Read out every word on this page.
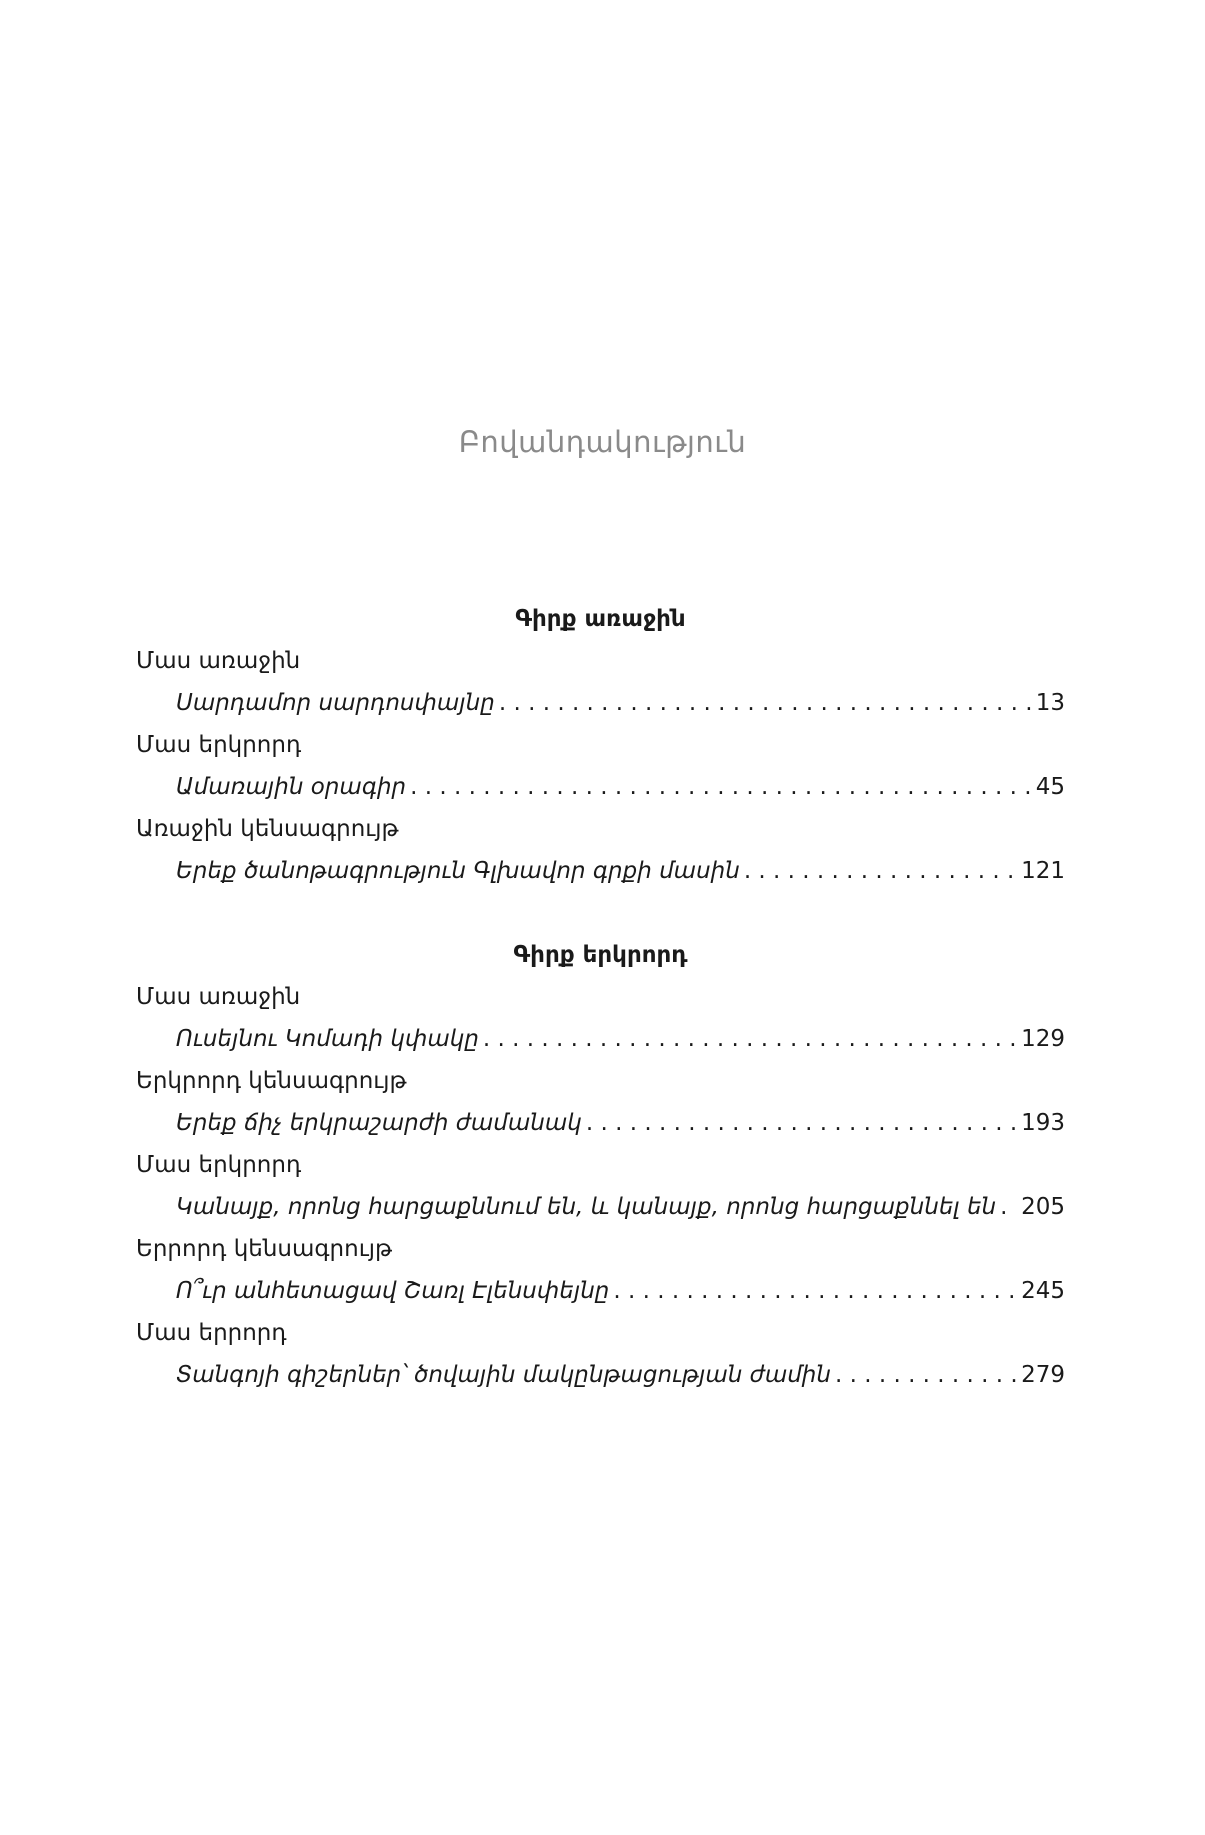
Բովանդակություն
Գիրք առաջին
Մաս առաջին
Սարդամոր սարդոսփայնը . . .	13
Մաս երկրորդ
Ամառային օրագիր . . .	45
Առաջին կենսագրույթ
Երեք ծանոթագրություն Գլխավոր գրքի մասին . . .	121
Գիրք երկրորդ
Մաս առաջին
Ուսեյնու Կոմադի կփակը . . .	129
Երկրորդ կենսագրույթ
Երեք ճիչ երկրաշարժի ժամանակ . . .	193
Մաս երկրորդ
Կանայք, որոնց հարցաքննում են, և կանայք, որոնց հարցաքննել են . . . 205
Երրորդ կենսագրույթ
Ո՞ւր անհետացավ Շառլ Էլենսփեյնը . . .	245
Մաս երրորդ
Տանգոյի գիշերներ՝ ծովային մակընթացության ժամին . . .	279
